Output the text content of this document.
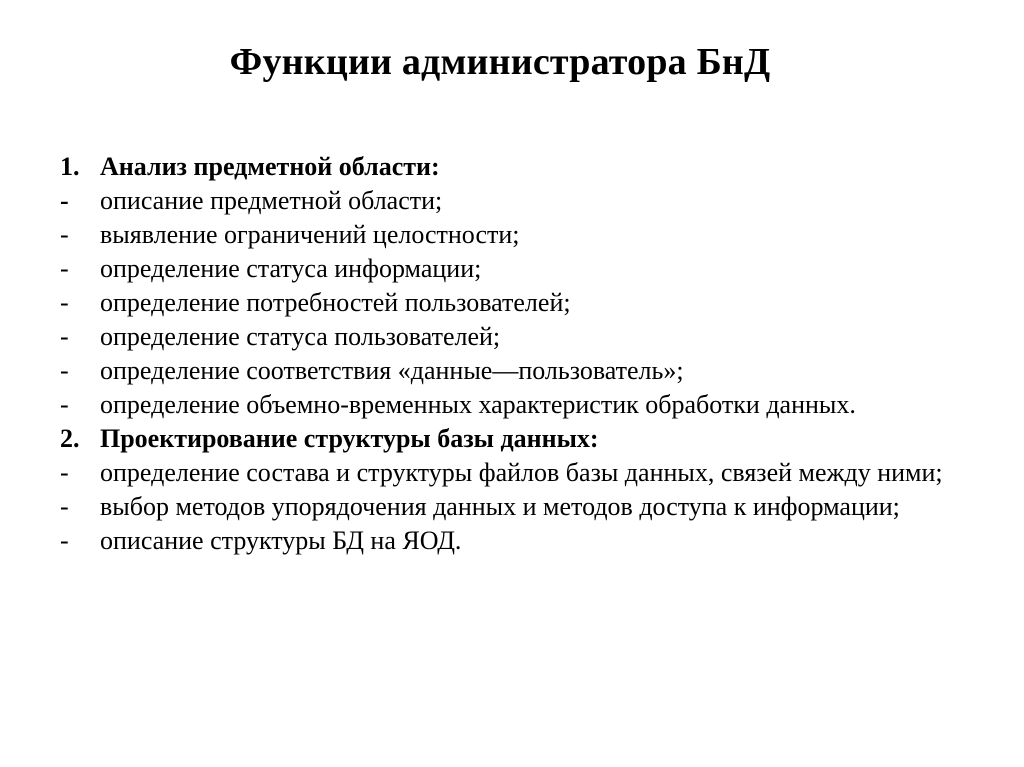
Функции администратора БнД
1. Анализ предметной области:
-	описание предметной области;
-	выявление ограничений целостности;
-	определение статуса информации;
-	определение потребностей пользователей;
-	определение статуса пользователей;
-	определение соответствия «данные—пользователь»;
-	определение объемно-временных характеристик обработки данных.
2. Проектирование структуры базы данных:
-	определение состава и структуры файлов базы данных, связей между ними;
-	выбор методов упорядочения данных и методов доступа к информации;
-	описание структуры БД на ЯОД.
